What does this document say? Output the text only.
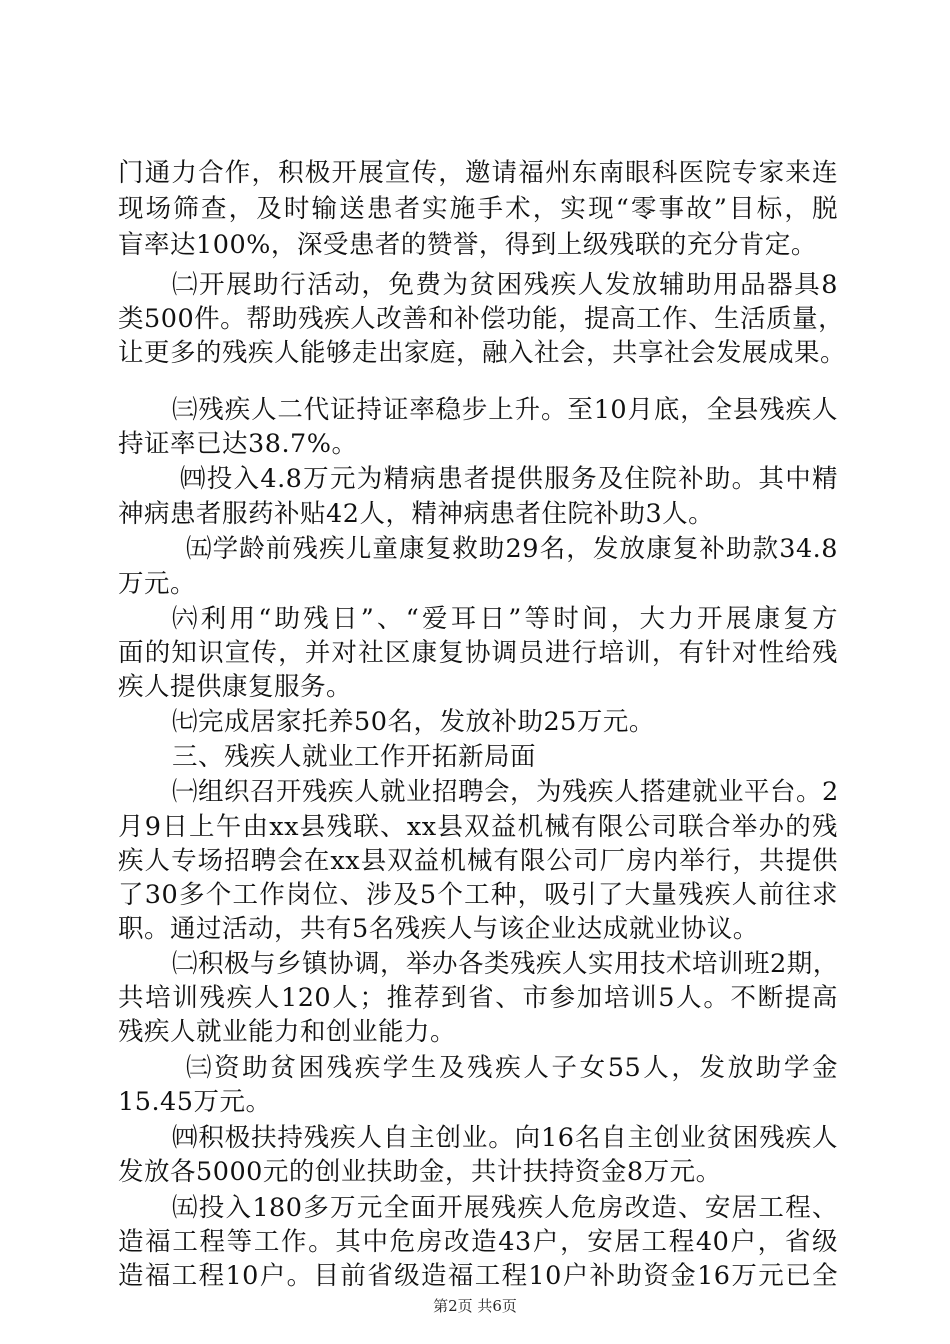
门通力合作，积极开展宣传，邀请福州东南眼科医院专家来连
现场筛查，及时输送患者实施手术，实现“零事故”目标，脱
盲率达100%，深受患者的赞誉，得到上级残联的充分肯定。
㈡开展助行活动，免费为贫困残疾人发放辅助用品器具8
类500件。帮助残疾人改善和补偿功能，提高工作、生活质量，
让更多的残疾人能够走出家庭，融入社会，共享社会发展成果。
㈢残疾人二代证持证率稳步上升。至10月底，全县残疾人
持证率已达38.7%。
㈣投入4.8万元为精病患者提供服务及住院补助。其中精
神病患者服药补贴42人，精神病患者住院补助3人。
㈤学龄前残疾儿童康复救助29名，发放康复补助款34.8
万元。
㈥利用“助残日”、“爱耳日”等时间，大力开展康复方
面的知识宣传，并对社区康复协调员进行培训，有针对性给残
疾人提供康复服务。
㈦完成居家托养50名，发放补助25万元。
三、残疾人就业工作开拓新局面
㈠组织召开残疾人就业招聘会，为残疾人搭建就业平台。2
月9日上午由xx县残联、xx县双益机械有限公司联合举办的残
疾人专场招聘会在xx县双益机械有限公司厂房内举行，共提供
了30多个工作岗位、涉及5个工种，吸引了大量残疾人前往求
职。通过活动，共有5名残疾人与该企业达成就业协议。
㈡积极与乡镇协调，举办各类残疾人实用技术培训班2期，
共培训残疾人120人；推荐到省、市参加培训5人。不断提高
残疾人就业能力和创业能力。
㈢资助贫困残疾学生及残疾人子女55人，发放助学金
15.45万元。
㈣积极扶持残疾人自主创业。向16名自主创业贫困残疾人
发放各5000元的创业扶助金，共计扶持资金8万元。
㈤投入180多万元全面开展残疾人危房改造、安居工程、
造福工程等工作。其中危房改造43户，安居工程40户，省级
造福工程10户。目前省级造福工程10户补助资金16万元已全
第2页 共6页
